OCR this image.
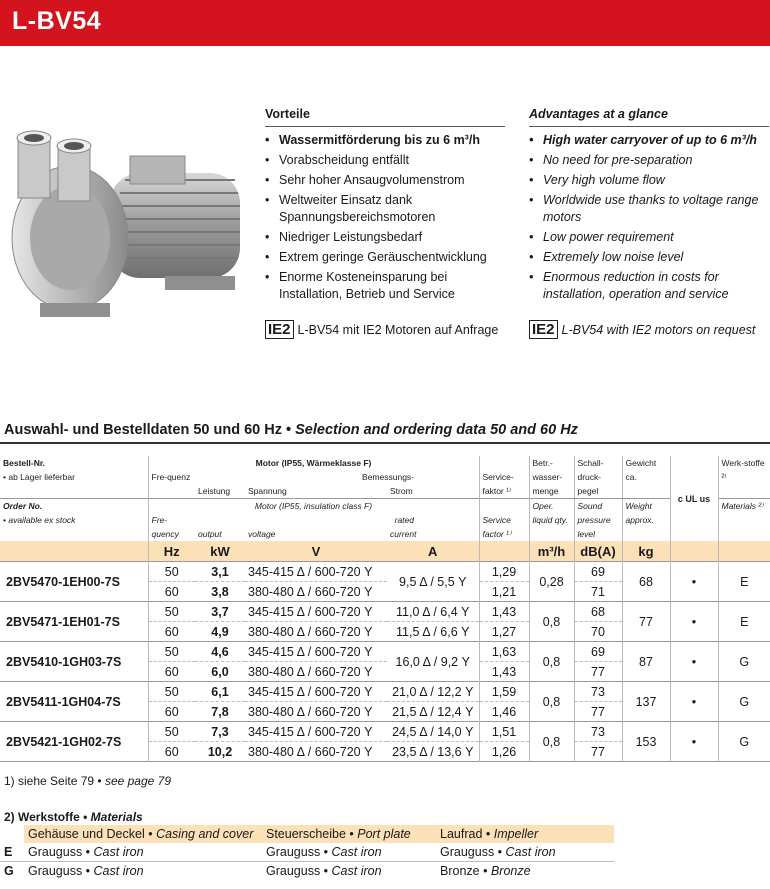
L-BV54
Vorteile
• Wassermitförderung bis zu 6 m³/h
• Vorabscheidung entfällt
• Sehr hoher Ansaugvolumenstrom
• Weltweiter Einsatz dank Spannungsbereichsmotoren
• Niedriger Leistungsbedarf
• Extrem geringe Geräuschentwicklung
• Enorme Kosteneinsparung bei Installation, Betrieb und Service
IE2 L-BV54 mit IE2 Motoren auf Anfrage
Advantages at a glance
• High water carryover of up to 6 m³/h
• No need for pre-separation
• Very high volume flow
• Worldwide use thanks to voltage range motors
• Low power requirement
• Extremely low noise level
• Enormous reduction in costs for installation, operation and service
IE2 L-BV54 with IE2 motors on request
Auswahl- und Bestelldaten 50 und 60 Hz • Selection and ordering data 50 and 60 Hz
Bestell-Nr.	Motor (IP55, Wärmeklasse F)					Betr.-wasser-menge	Schall-druck-pegel	Gewicht ca.	c UL us	Werk-stoffe ²⁾
• ab Lager lieferbar	Fre-quenz	Leistung	Bemessungs-
Spannung	Strom	Service-faktor ¹⁾					
Order No.	Motor (IP55, insulation class F)					Oper. liquid qty.	Sound pressure level	Weight approx.		Materials ²⁾
• available ex stock	Fre-quency	output	rated
voltage	current	Service factor ¹⁾					
	Hz	kW	V	A		m³/h	dB(A)	kg		
2BV5470-1EH00-7S	50	3,1	345-415 Δ / 600-720 Y	9,5 Δ / 5,5 Y	1,29	0,28	69	68	•	E
	60	3,8	380-480 Δ / 660-720 Y		1,21		71			
2BV5471-1EH01-7S	50	3,7	345-415 Δ / 600-720 Y	11,0 Δ / 6,4 Y	1,43	0,8	68	77	•	E
	60	4,9	380-480 Δ / 660-720 Y	11,5 Δ / 6,6 Y	1,27		70			
2BV5410-1GH03-7S	50	4,6	345-415 Δ / 600-720 Y	16,0 Δ / 9,2 Y	1,63	0,8	69	87	•	G
	60	6,0	380-480 Δ / 660-720 Y		1,43		77			
2BV5411-1GH04-7S	50	6,1	345-415 Δ / 600-720 Y	21,0 Δ / 12,2 Y	1,59	0,8	73	137	•	G
	60	7,8	380-480 Δ / 660-720 Y	21,5 Δ / 12,4 Y	1,46		77			
2BV5421-1GH02-7S	50	7,3	345-415 Δ / 600-720 Y	24,5 Δ / 14,0 Y	1,51	0,8	73	153	•	G
	60	10,2	380-480 Δ / 660-720 Y	23,5 Δ / 13,6 Y	1,26		77			
1) siehe Seite 79 • see page 79
2) Werkstoffe • Materials
	Gehäuse und Deckel • Casing and cover	Steuerscheibe • Port plate	Laufrad • Impeller
E	Grauguss • Cast iron	Grauguss • Cast iron	Grauguss • Cast iron
G	Grauguss • Cast iron	Grauguss • Cast iron	Bronze • Bronze
